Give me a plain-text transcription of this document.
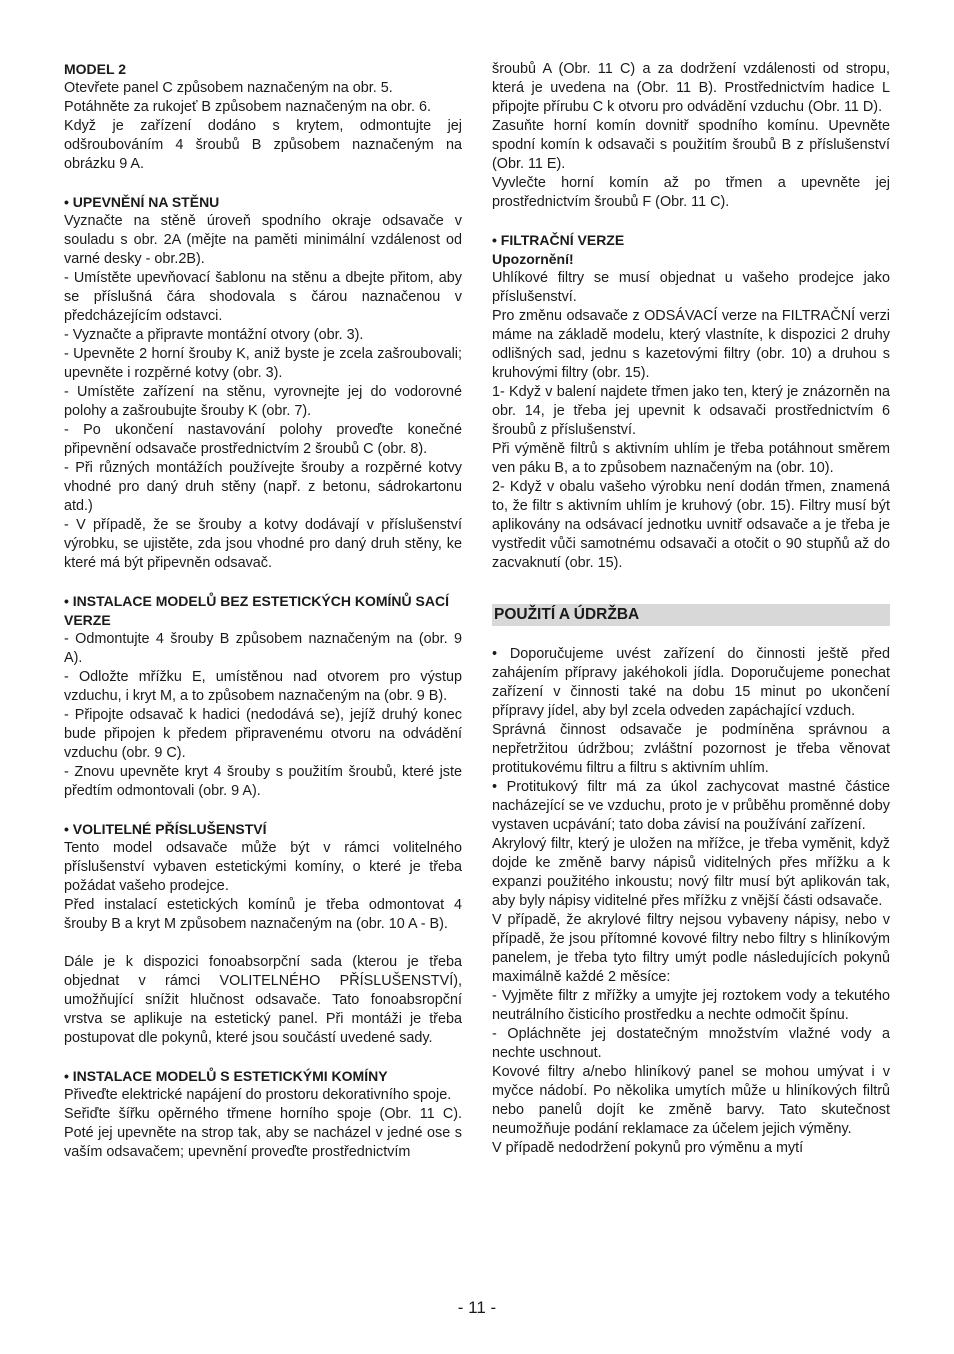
MODEL 2
Otevřete panel C způsobem naznačeným na obr. 5.
Potáhněte za rukojeť B způsobem naznačeným na obr. 6.
Když je zařízení dodáno s krytem, odmontujte jej odšroubováním 4 šroubů B způsobem naznačeným na obrázku 9 A.
• UPEVNĚNÍ NA STĚNU
Vyznačte na stěně úroveň spodního okraje odsavače v souladu s obr. 2A (mějte na paměti minimální vzdálenost od varné desky - obr.2B).
- Umístěte upevňovací šablonu na stěnu a dbejte přitom, aby se příslušná čára shodovala s čárou naznačenou v předcházejícím odstavci.
- Vyznačte a připravte montážní otvory (obr. 3).
- Upevněte 2 horní šrouby K, aniž byste je zcela zašroubovali; upevněte i rozpěrné kotvy (obr. 3).
- Umístěte zařízení na stěnu, vyrovnejte jej do vodorovné polohy a zašroubujte šrouby K (obr. 7).
- Po ukončení nastavování polohy proveďte konečné připevnění odsavače prostřednictvím 2 šroubů C (obr. 8).
- Při různých montážích používejte šrouby a rozpěrné kotvy vhodné pro daný druh stěny (např. z betonu, sádrokartonu atd.)
- V případě, že se šrouby a kotvy dodávají v příslušenství výrobku, se ujistěte, zda jsou vhodné pro daný druh stěny, ke které má být připevněn odsavač.
• INSTALACE MODELŮ BEZ ESTETICKÝCH KOMÍNŮ SACÍ VERZE
- Odmontujte 4 šrouby B způsobem naznačeným na (obr. 9 A).
- Odložte mřížku E, umístěnou nad otvorem pro výstup vzduchu, i kryt M, a to způsobem naznačeným na (obr. 9 B).
- Připojte odsavač k hadici (nedodává se), jejíž druhý konec bude připojen k předem připravenému otvoru na odvádění vzduchu (obr. 9 C).
- Znovu upevněte kryt 4 šrouby s použitím šroubů, které jste předtím odmontovali (obr. 9 A).
• VOLITELNÉ PŘÍSLUŠENSTVÍ
Tento model odsavače může být v rámci volitelného příslušenství vybaven estetickými komíny, o které je třeba požádat vašeho prodejce.
Před instalací estetických komínů je třeba odmontovat 4 šrouby B a kryt M způsobem naznačeným na (obr. 10 A - B).
Dále je k dispozici fonoabsorpční sada (kterou je třeba objednat v rámci VOLITELNÉHO PŘÍSLUŠENSTVÍ), umožňující snížit hlučnost odsavače. Tato fonoabsropční vrstva se aplikuje na estetický panel. Při montáži je třeba postupovat dle pokynů, které jsou součástí uvedené sady.
• INSTALACE MODELŮ S ESTETICKÝMI KOMÍNY
Přiveďte elektrické napájení do prostoru dekorativního spoje.
Seřiďte šířku opěrného třmene horního spoje (Obr. 11 C). Poté jej upevněte na strop tak, aby se nacházel v jedné ose s vaším odsavačem; upevnění proveďte prostřednictvím
šroubů A (Obr. 11 C) a za dodržení vzdálenosti od stropu, která je uvedena na (Obr. 11 B). Prostřednictvím hadice L připojte přírubu C k otvoru pro odvádění vzduchu (Obr. 11 D).
Zasuňte horní komín dovnitř spodního komínu. Upevněte spodní komín k odsavači s použitím šroubů B z příslušenství (Obr. 11 E).
Vyvlečte horní komín až po třmen a upevněte jej prostřednictvím šroubů F (Obr. 11 C).
• FILTRAČNÍ VERZE
Upozornění!
Uhlíkové filtry se musí objednat u vašeho prodejce jako příslušenství.
Pro změnu odsavače z ODSÁVACÍ verze na FILTRAČNÍ verzi máme na základě modelu, který vlastníte, k dispozici 2 druhy odlišných sad, jednu s kazetovými filtry (obr. 10) a druhou s kruhovými filtry (obr. 15).
1- Když v balení najdete třmen jako ten, který je znázorněn na obr. 14, je třeba jej upevnit k odsavači prostřednictvím 6 šroubů z příslušenství.
Při výměně filtrů s aktivním uhlím je třeba potáhnout směrem ven páku B, a to způsobem naznačeným na (obr. 10).
2- Když v obalu vašeho výrobku není dodán třmen, znamená to, že filtr s aktivním uhlím je kruhový (obr. 15). Filtry musí být aplikovány na odsávací jednotku uvnitř odsavače a je třeba je vystředit vůči samotnému odsavači a otočit o 90 stupňů až do zacvaknutí (obr. 15).
POUŽITÍ A ÚDRŽBA
• Doporučujeme uvést zařízení do činnosti ještě před zahájením přípravy jakéhokoli jídla. Doporučujeme ponechat zařízení v činnosti také na dobu 15 minut po ukončení přípravy jídel, aby byl zcela odveden zapáchající vzduch.
Správná činnost odsavače je podmíněna správnou a nepřetržitou údržbou; zvláštní pozornost je třeba věnovat protitukovému filtru a filtru s aktivním uhlím.
• Protitukový filtr má za úkol zachycovat mastné částice nacházející se ve vzduchu, proto je v průběhu proměnné doby vystaven ucpávání; tato doba závisí na používání zařízení.
Akrylový filtr, který je uložen na mřížce, je třeba vyměnit, když dojde ke změně barvy nápisů viditelných přes mřížku a k expanzi použitého inkoustu; nový filtr musí být aplikován tak, aby byly nápisy viditelné přes mřížku z vnější části odsavače.
V případě, že akrylové filtry nejsou vybaveny nápisy, nebo v případě, že jsou přítomné kovové filtry nebo filtry s hliníkovým panelem, je třeba tyto filtry umýt podle následujících pokynů maximálně každé 2 měsíce:
- Vyjměte filtr z mřížky a umyjte jej roztokem vody a tekutého neutrálního čisticího prostředku a nechte odmočit špínu.
- Opláchněte jej dostatečným množstvím vlažné vody a nechte uschnout.
Kovové filtry a/nebo hliníkový panel se mohou umývat i v myčce nádobí. Po několika umytích může u hliníkových filtrů nebo panelů dojít ke změně barvy. Tato skutečnost neumožňuje podání reklamace za účelem jejich výměny.
V případě nedodržení pokynů pro výměnu a mytí
- 11 -
